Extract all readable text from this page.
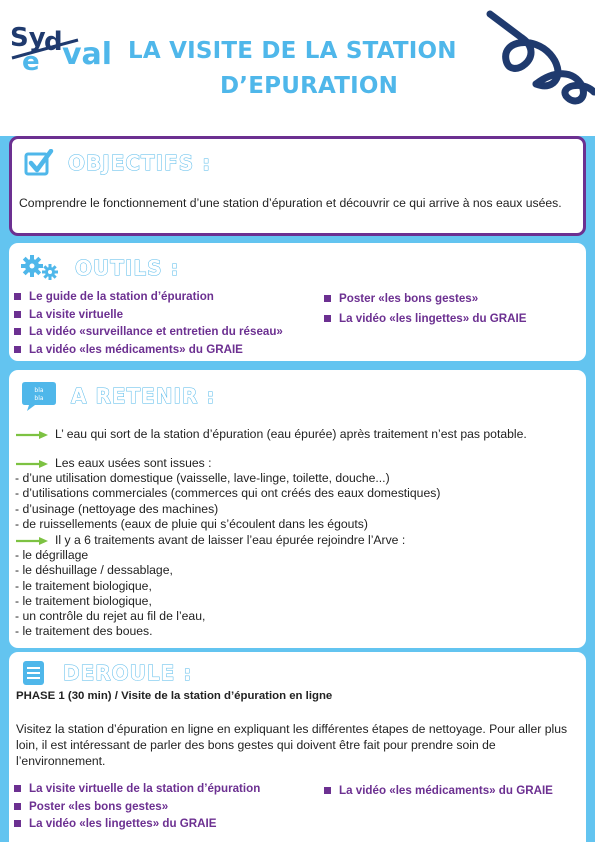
Sy
d
e val LA VISITE DE LA STATION
D’EPURATION
OBJECTIFS :
Comprendre le fonctionnement d’une station d’épuration et découvrir ce qui arrive à nos eaux usées.
OUTILS :
Le guide de la station d’épuration
La visite virtuelle
La vidéo «surveillance et entretien du réseau»
La vidéo «les médicaments» du GRAIE
Poster «les bons gestes»
La vidéo «les lingettes» du GRAIE
bla
bla A RETENIR :
L’ eau qui sort de la station d’épuration (eau épurée) après traitement n’est pas potable.
Les eaux usées sont issues :
- d’une utilisation domestique (vaisselle, lave-linge, toilette, douche...)
- d’utilisations commerciales (commerces qui ont créés des eaux domestiques)
- d’usinage (nettoyage des machines)
- de ruissellements (eaux de pluie qui s’écoulent dans les égouts)
Il y a 6 traitements avant de laisser l’eau épurée rejoindre l’Arve :
- le dégrillage
- le déshuillage / dessablage,
- le traitement biologique,
- le traitement biologique,
- un contrôle du rejet au fil de l’eau,
- le traitement des boues.
DEROULE :
PHASE 1 (30 min) / Visite de la station d’épuration en ligne
Visitez la station d’épuration en ligne en expliquant les différentes étapes de nettoyage. Pour aller plus loin, il est intéressant de parler des bons gestes qui doivent être fait pour prendre soin de l’environnement.
La visite virtuelle de la station d’épuration
Poster «les bons gestes»
La vidéo «les lingettes» du GRAIE
La vidéo «les médicaments» du GRAIE
